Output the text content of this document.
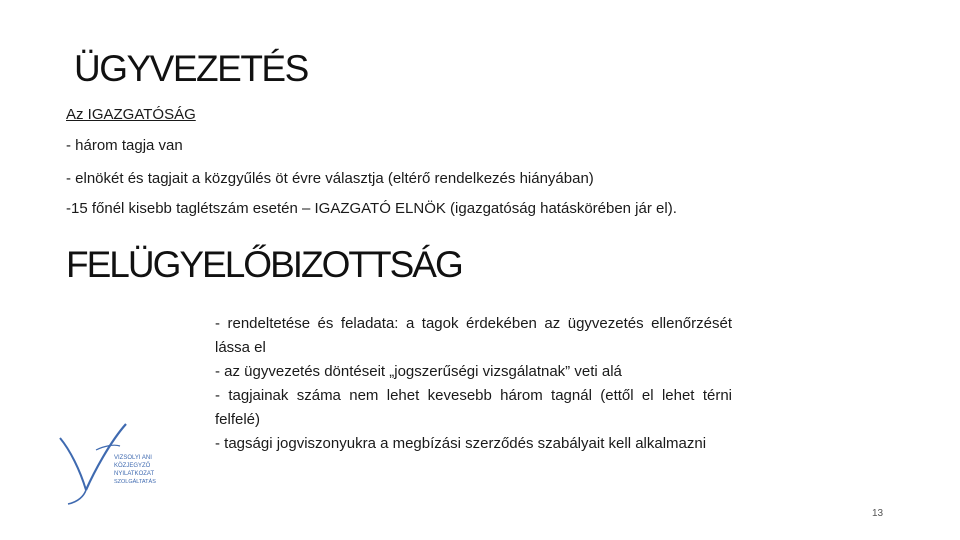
ÜGYVEZETÉS
Az IGAZGATÓSÁG
- három tagja van
- elnökét és tagjait a közgyűlés öt évre választja (eltérő rendelkezés hiányában)
-15 főnél kisebb taglétszám esetén – IGAZGATÓ ELNÖK (igazgatóság hatáskörében jár el).
FELÜGYELŐBIZOTTSÁG

- rendeltetése és feladata: a tagok érdekében az ügyvezetés ellenőrzését lássa el

- az ügyvezetés döntéseit „jogszerűségi vizsgálatnak” veti alá

- tagjainak száma nem lehet kevesebb három tagnál (ettől el lehet térni felfelé)

- tagsági jogviszonyukra a megbízási szerződés szabályait kell alkalmazni

VIZSOLYI ANI
KÖZJEGYZŐ
NYILATKOZAT
SZOLGÁLTATÁS
13
